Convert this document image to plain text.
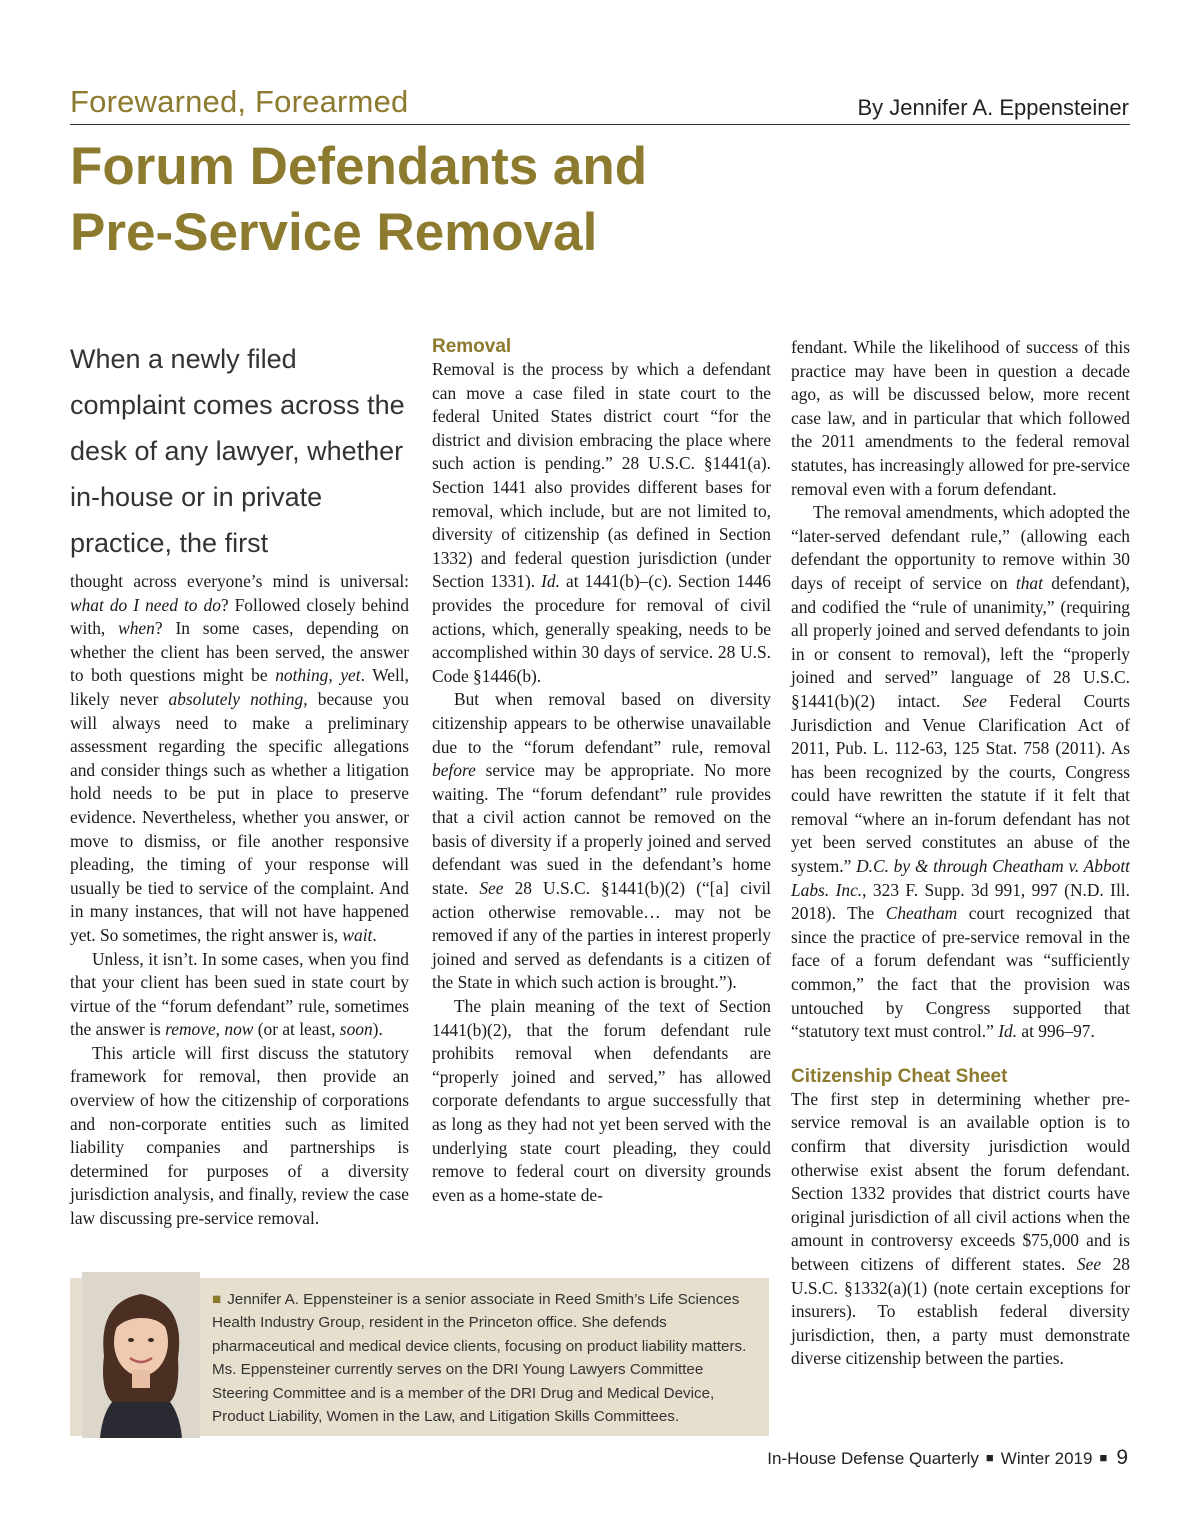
Forewarned, Forearmed	By Jennifer A. Eppensteiner
Forum Defendants and
Pre-Service Removal

When a newly filed complaint comes across the desk of any lawyer, whether in-house or in private practice, the first

thought across everyone’s mind is universal: what do I need to do? Followed closely behind with, when? In some cases, depending on whether the client has been served, the answer to both questions might be nothing, yet. Well, likely never absolutely nothing, because you will always need to make a preliminary assessment regarding the specific allegations and consider things such as whether a litigation hold needs to be put in place to preserve evidence. Nevertheless, whether you answer, or move to dismiss, or file another responsive pleading, the timing of your response will usually be tied to service of the complaint. And in many instances, that will not have happened yet. So sometimes, the right answer is, wait.

Unless, it isn’t. In some cases, when you find that your client has been sued in state court by virtue of the “forum defendant” rule, sometimes the answer is remove, now (or at least, soon).

This article will first discuss the statutory framework for removal, then provide an overview of how the citizenship of corporations and non-corporate entities such as limited liability companies and partnerships is determined for purposes of a diversity jurisdiction analysis, and finally, review the case law discussing pre-service removal.

Removal

Removal is the process by which a defendant can move a case filed in state court to the federal United States district court “for the district and division embracing the place where such action is pending.” 28 U.S.C. §1441(a). Section 1441 also provides different bases for removal, which include, but are not limited to, diversity of citizenship (as defined in Section 1332) and federal question jurisdiction (under Section 1331). Id. at 1441(b)–(c). Section 1446 provides the procedure for removal of civil actions, which, generally speaking, needs to be accomplished within 30 days of service. 28 U.S. Code §1446(b).

But when removal based on diversity citizenship appears to be otherwise unavailable due to the “forum defendant” rule, removal before service may be appropriate. No more waiting. The “forum defendant” rule provides that a civil action cannot be removed on the basis of diversity if a properly joined and served defendant was sued in the defendant’s home state. See 28 U.S.C. §1441(b)(2) (“[a] civil action otherwise removable… may not be removed if any of the parties in interest properly joined and served as defendants is a citizen of the State in which such action is brought.”).

The plain meaning of the text of Section 1441(b)(2), that the forum defendant rule prohibits removal when defendants are “properly joined and served,” has allowed corporate defendants to argue successfully that as long as they had not yet been served with the underlying state court pleading, they could remove to federal court on diversity grounds even as a home-state de-

fendant. While the likelihood of success of this practice may have been in question a decade ago, as will be discussed below, more recent case law, and in particular that which followed the 2011 amendments to the federal removal statutes, has increasingly allowed for pre-service removal even with a forum defendant.

The removal amendments, which adopted the “later-served defendant rule,” (allowing each defendant the opportunity to remove within 30 days of receipt of service on that defendant), and codified the “rule of unanimity,” (requiring all properly joined and served defendants to join in or consent to removal), left the “properly joined and served” language of 28 U.S.C. §1441(b)(2) intact. See Federal Courts Jurisdiction and Venue Clarification Act of 2011, Pub. L. 112-63, 125 Stat. 758 (2011). As has been recognized by the courts, Congress could have rewritten the statute if it felt that removal “where an in-forum defendant has not yet been served constitutes an abuse of the system.” D.C. by & through Cheatham v. Abbott Labs. Inc., 323 F. Supp. 3d 991, 997 (N.D. Ill. 2018). The Cheatham court recognized that since the practice of pre-service removal in the face of a forum defendant was “sufficiently common,” the fact that the provision was untouched by Congress supported that “statutory text must control.” Id. at 996–97.

Citizenship Cheat Sheet

The first step in determining whether pre-service removal is an available option is to confirm that diversity jurisdiction would otherwise exist absent the forum defendant. Section 1332 provides that district courts have original jurisdiction of all civil actions when the amount in controversy exceeds $75,000 and is between citizens of different states. See 28 U.S.C. §1332(a)(1) (note certain exceptions for insurers). To establish federal diversity jurisdiction, then, a party must demonstrate diverse citizenship between the parties.

■ Jennifer A. Eppensteiner is a senior associate in Reed Smith’s Life Sciences Health Industry Group, resident in the Princeton office. She defends pharmaceutical and medical device clients, focusing on product liability matters. Ms. Eppensteiner currently serves on the DRI Young Lawyers Committee Steering Committee and is a member of the DRI Drug and Medical Device, Product Liability, Women in the Law, and Litigation Skills Committees.
In-House Defense Quarterly ■ Winter 2019 ■ 9
